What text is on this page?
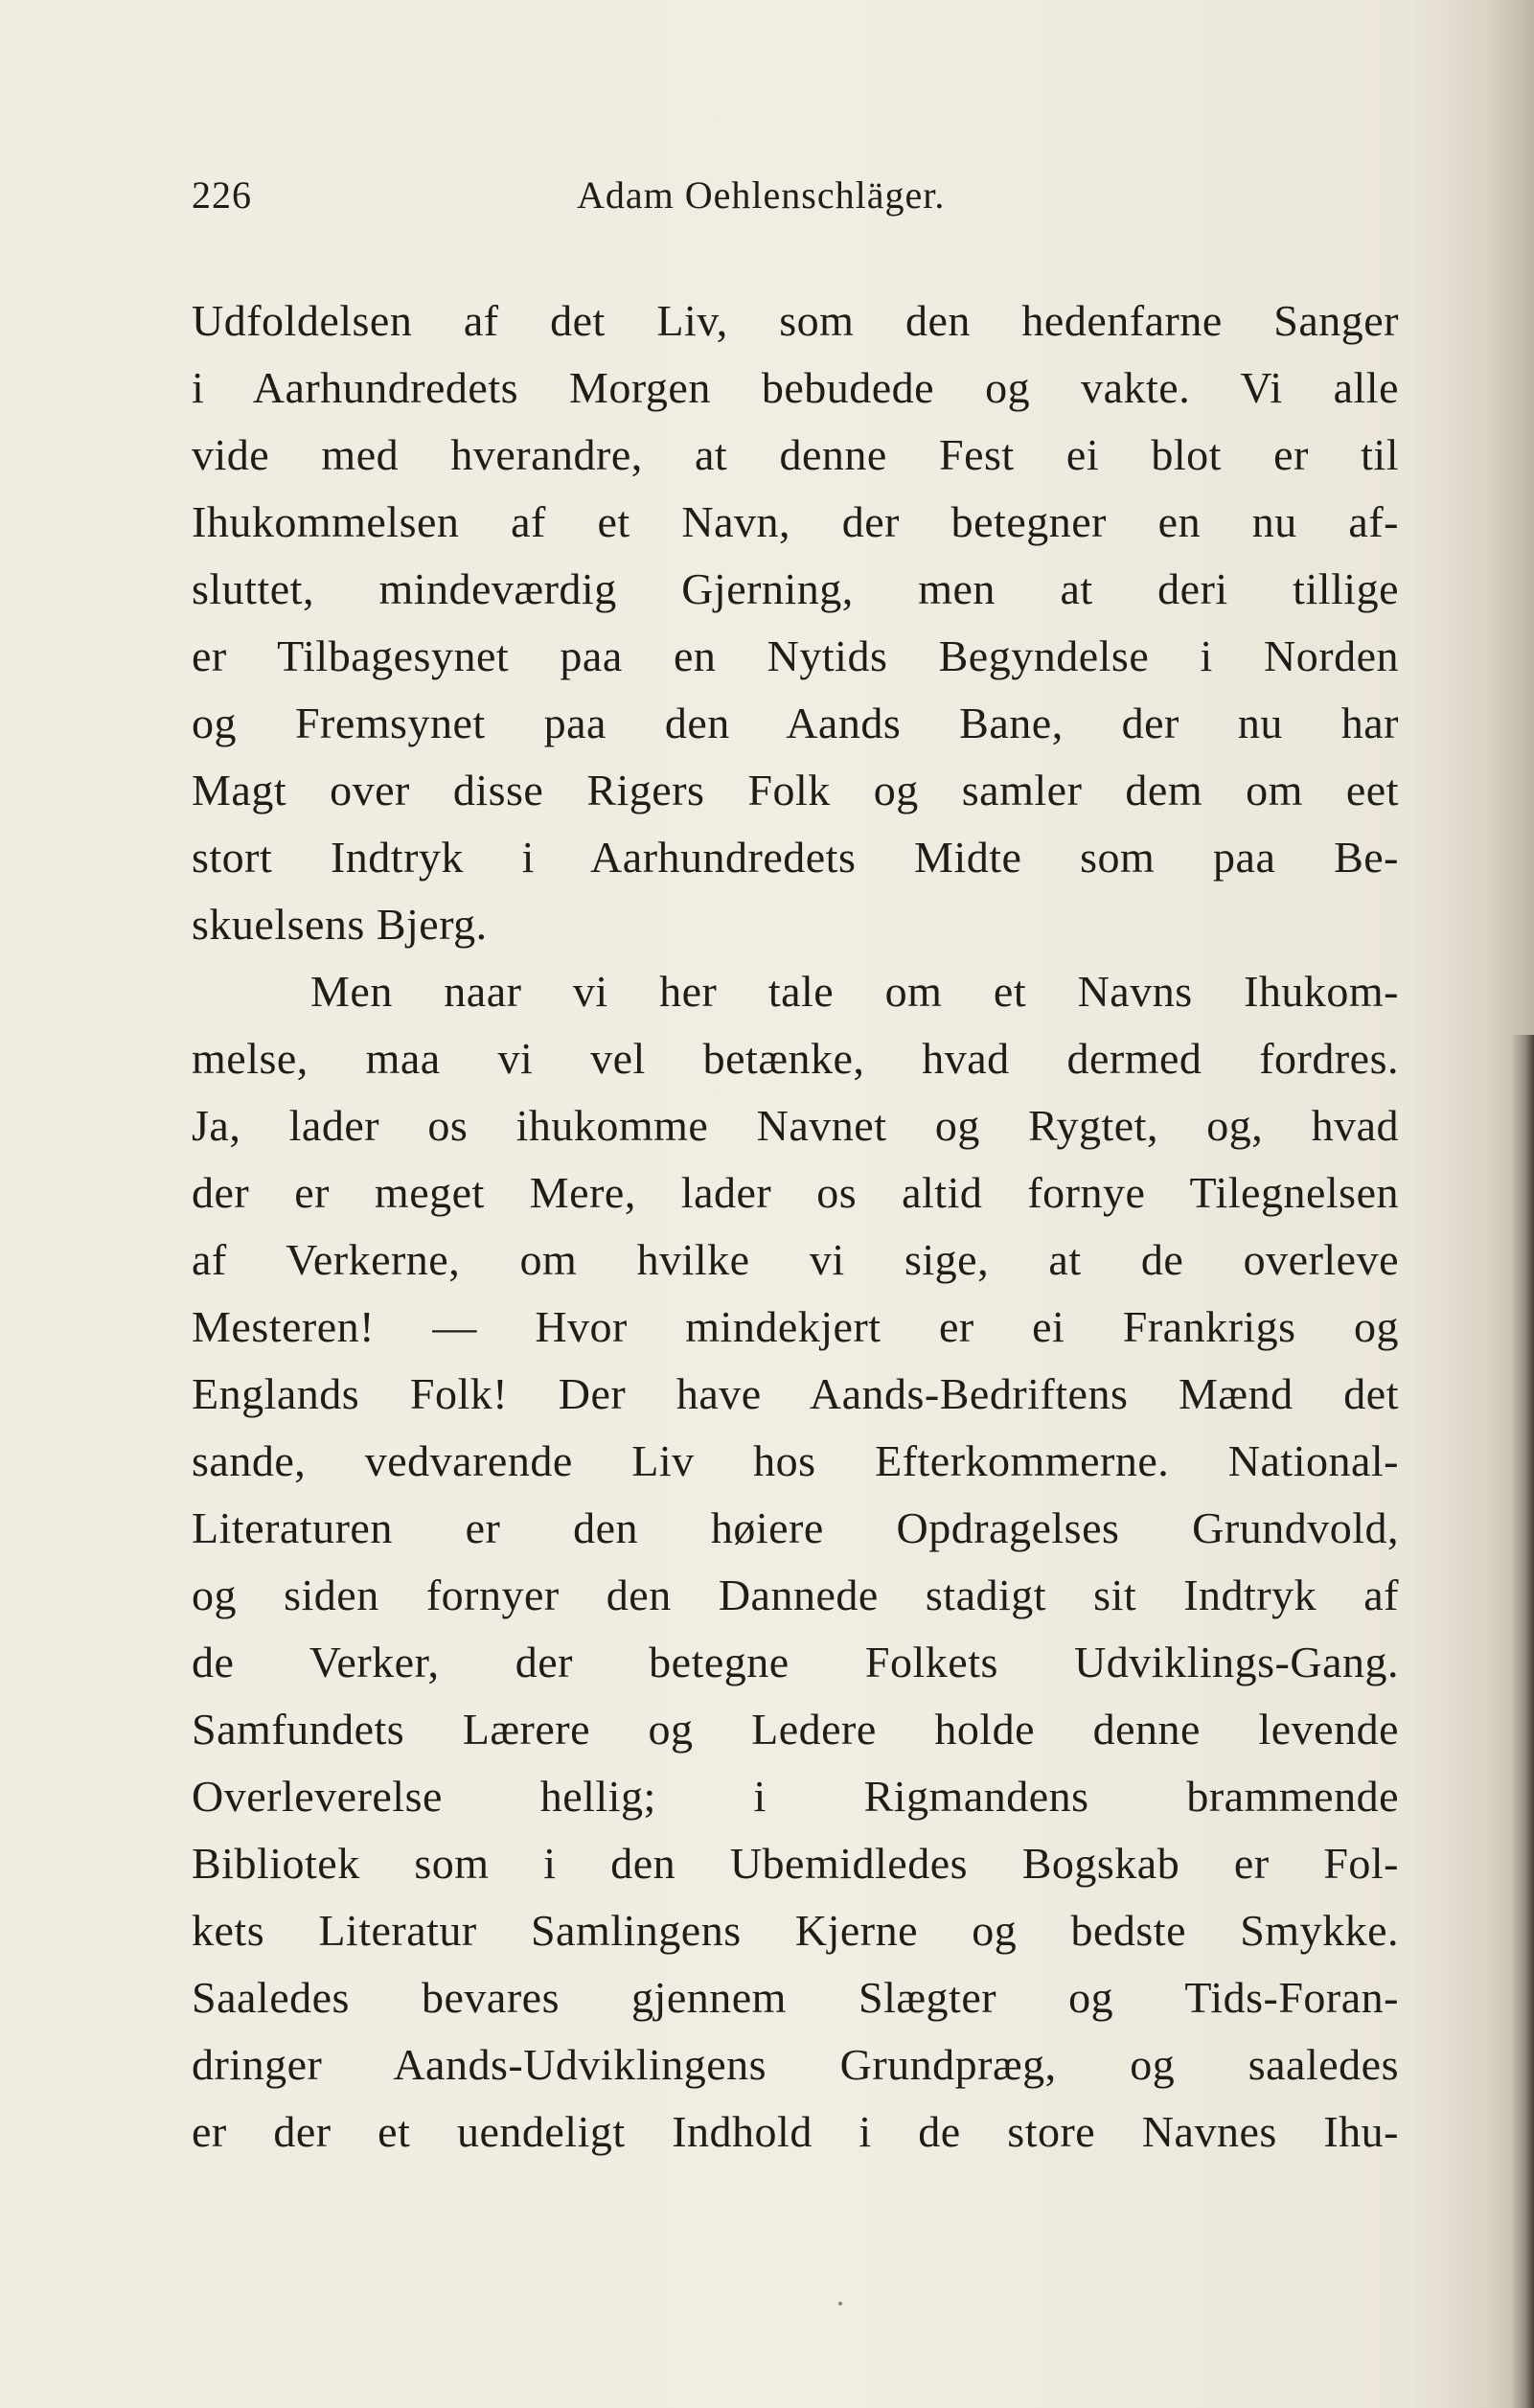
226	Adam Oehlenschläger.
Udfoldelsen af det Liv, som den hedenfarne Sanger
i Aarhundredets Morgen bebudede og vakte. Vi alle
vide med hverandre, at denne Fest ei blot er til
Ihukommelsen af et Navn, der betegner en nu af-
sluttet, mindeværdig Gjerning, men at deri tillige
er Tilbagesynet paa en Nytids Begyndelse i Norden
og Fremsynet paa den Aands Bane, der nu har
Magt over disse Rigers Folk og samler dem om eet
stort Indtryk i Aarhundredets Midte som paa Be-
skuelsens Bjerg.
Men naar vi her tale om et Navns Ihukom-
melse, maa vi vel betænke, hvad dermed fordres.
Ja, lader os ihukomme Navnet og Rygtet, og, hvad
der er meget Mere, lader os altid fornye Tilegnelsen
af Verkerne, om hvilke vi sige, at de overleve
Mesteren! — Hvor mindekjert er ei Frankrigs og
Englands Folk! Der have Aands-Bedriftens Mænd det
sande, vedvarende Liv hos Efterkommerne. National-
Literaturen er den høiere Opdragelses Grundvold,
og siden fornyer den Dannede stadigt sit Indtryk af
de Verker, der betegne Folkets Udviklings-Gang.
Samfundets Lærere og Ledere holde denne levende
Overleverelse hellig; i Rigmandens brammende
Bibliotek som i den Ubemidledes Bogskab er Fol-
kets Literatur Samlingens Kjerne og bedste Smykke.
Saaledes bevares gjennem Slægter og Tids-Foran-
dringer Aands-Udviklingens Grundpræg, og saaledes
er der et uendeligt Indhold i de store Navnes Ihu-
